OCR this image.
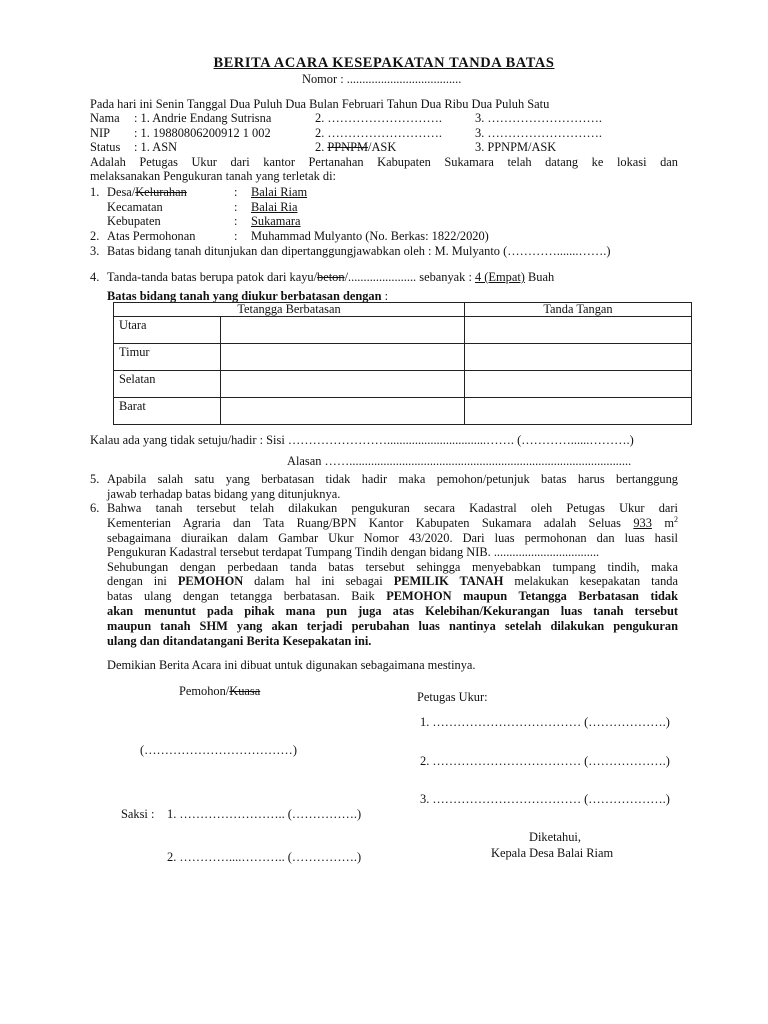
BERITA ACARA KESEPAKATAN TANDA BATAS
Nomor : .....................................
Pada hari ini Senin Tanggal Dua Puluh Dua Bulan Februari Tahun Dua Ribu Dua Puluh Satu
Nama : 1. Andrie Endang Sutrisna	2. ……………………….	3. ……………………….
NIP : 1. 19880806200912 1 002	2. ……………………….	3. ……………………….
Status : 1. ASN	2. PPNPM/ASK	3. PPNPM/ASK
Adalah Petugas Ukur dari kantor Pertanahan Kabupaten Sukamara telah datang ke lokasi dan
melaksanakan Pengukuran tanah yang terletak di:
1. Desa/Kelurahan	: Balai Riam
Kecamatan	: Balai Ria
Kebupaten	: Sukamara
2. Atas Permohonan	: Muhammad Mulyanto (No. Berkas: 1822/2020)
3. Batas bidang tanah ditunjukan dan dipertanggungjawabkan oleh : M. Mulyanto (………….......…….)
4. Tanda-tanda batas berupa patok dari kayu/beton/...................... sebanyak : 4 (Empat) Buah
Batas bidang tanah yang diukur berbatasan dengan :
Tetangga Berbatasan		Tanda Tangan
Utara		
Timur		
Selatan		
Barat		
Kalau ada yang tidak setuju/hadir : Sisi ……………………................................……. (…………......……….)
Alasan ……...........................................................................................
5. Apabila salah satu yang berbatasan tidak hadir maka pemohon/petunjuk batas harus bertanggung
jawab terhadap batas bidang yang ditunjuknya.
6. Bahwa tanah tersebut telah dilakukan pengukuran secara Kadastral oleh Petugas Ukur dari
Kementerian Agraria dan Tata Ruang/BPN Kantor Kabupaten Sukamara adalah Seluas 933 $m^2$
sebagaimana diuraikan dalam Gambar Ukur Nomor 43/2020. Dari luas permohonan dan luas hasil
Pengukuran Kadastral tersebut terdapat Tumpang Tindih dengan bidang NIB. ..................................
Sehubungan dengan perbedaan tanda batas tersebut sehingga menyebabkan tumpang tindih, maka
dengan ini PEMOHON dalam hal ini sebagai PEMILIK TANAH melakukan kesepakatan tanda
batas ulang dengan tetangga berbatasan. Baik PEMOHON maupun Tetangga Berbatasan tidak
akan menuntut pada pihak mana pun juga atas Kelebihan/Kekurangan luas tanah tersebut
maupun tanah SHM yang akan terjadi perubahan luas nantinya setelah dilakukan pengukuran
ulang dan ditandatangani Berita Kesepakatan ini.
Demikian Berita Acara ini dibuat untuk digunakan sebagaimana mestinya.
Pemohon/Kuasa	Petugas Ukur:
1. ……………………………… (……………….)
(………………………………)
2. ……………………………… (……………….)
3. ……………………………… (……………….)
Saksi : 1. …………………….. (…………….)
2. …………....……….. (…………….)
Diketahui,
Kepala Desa Balai Riam
